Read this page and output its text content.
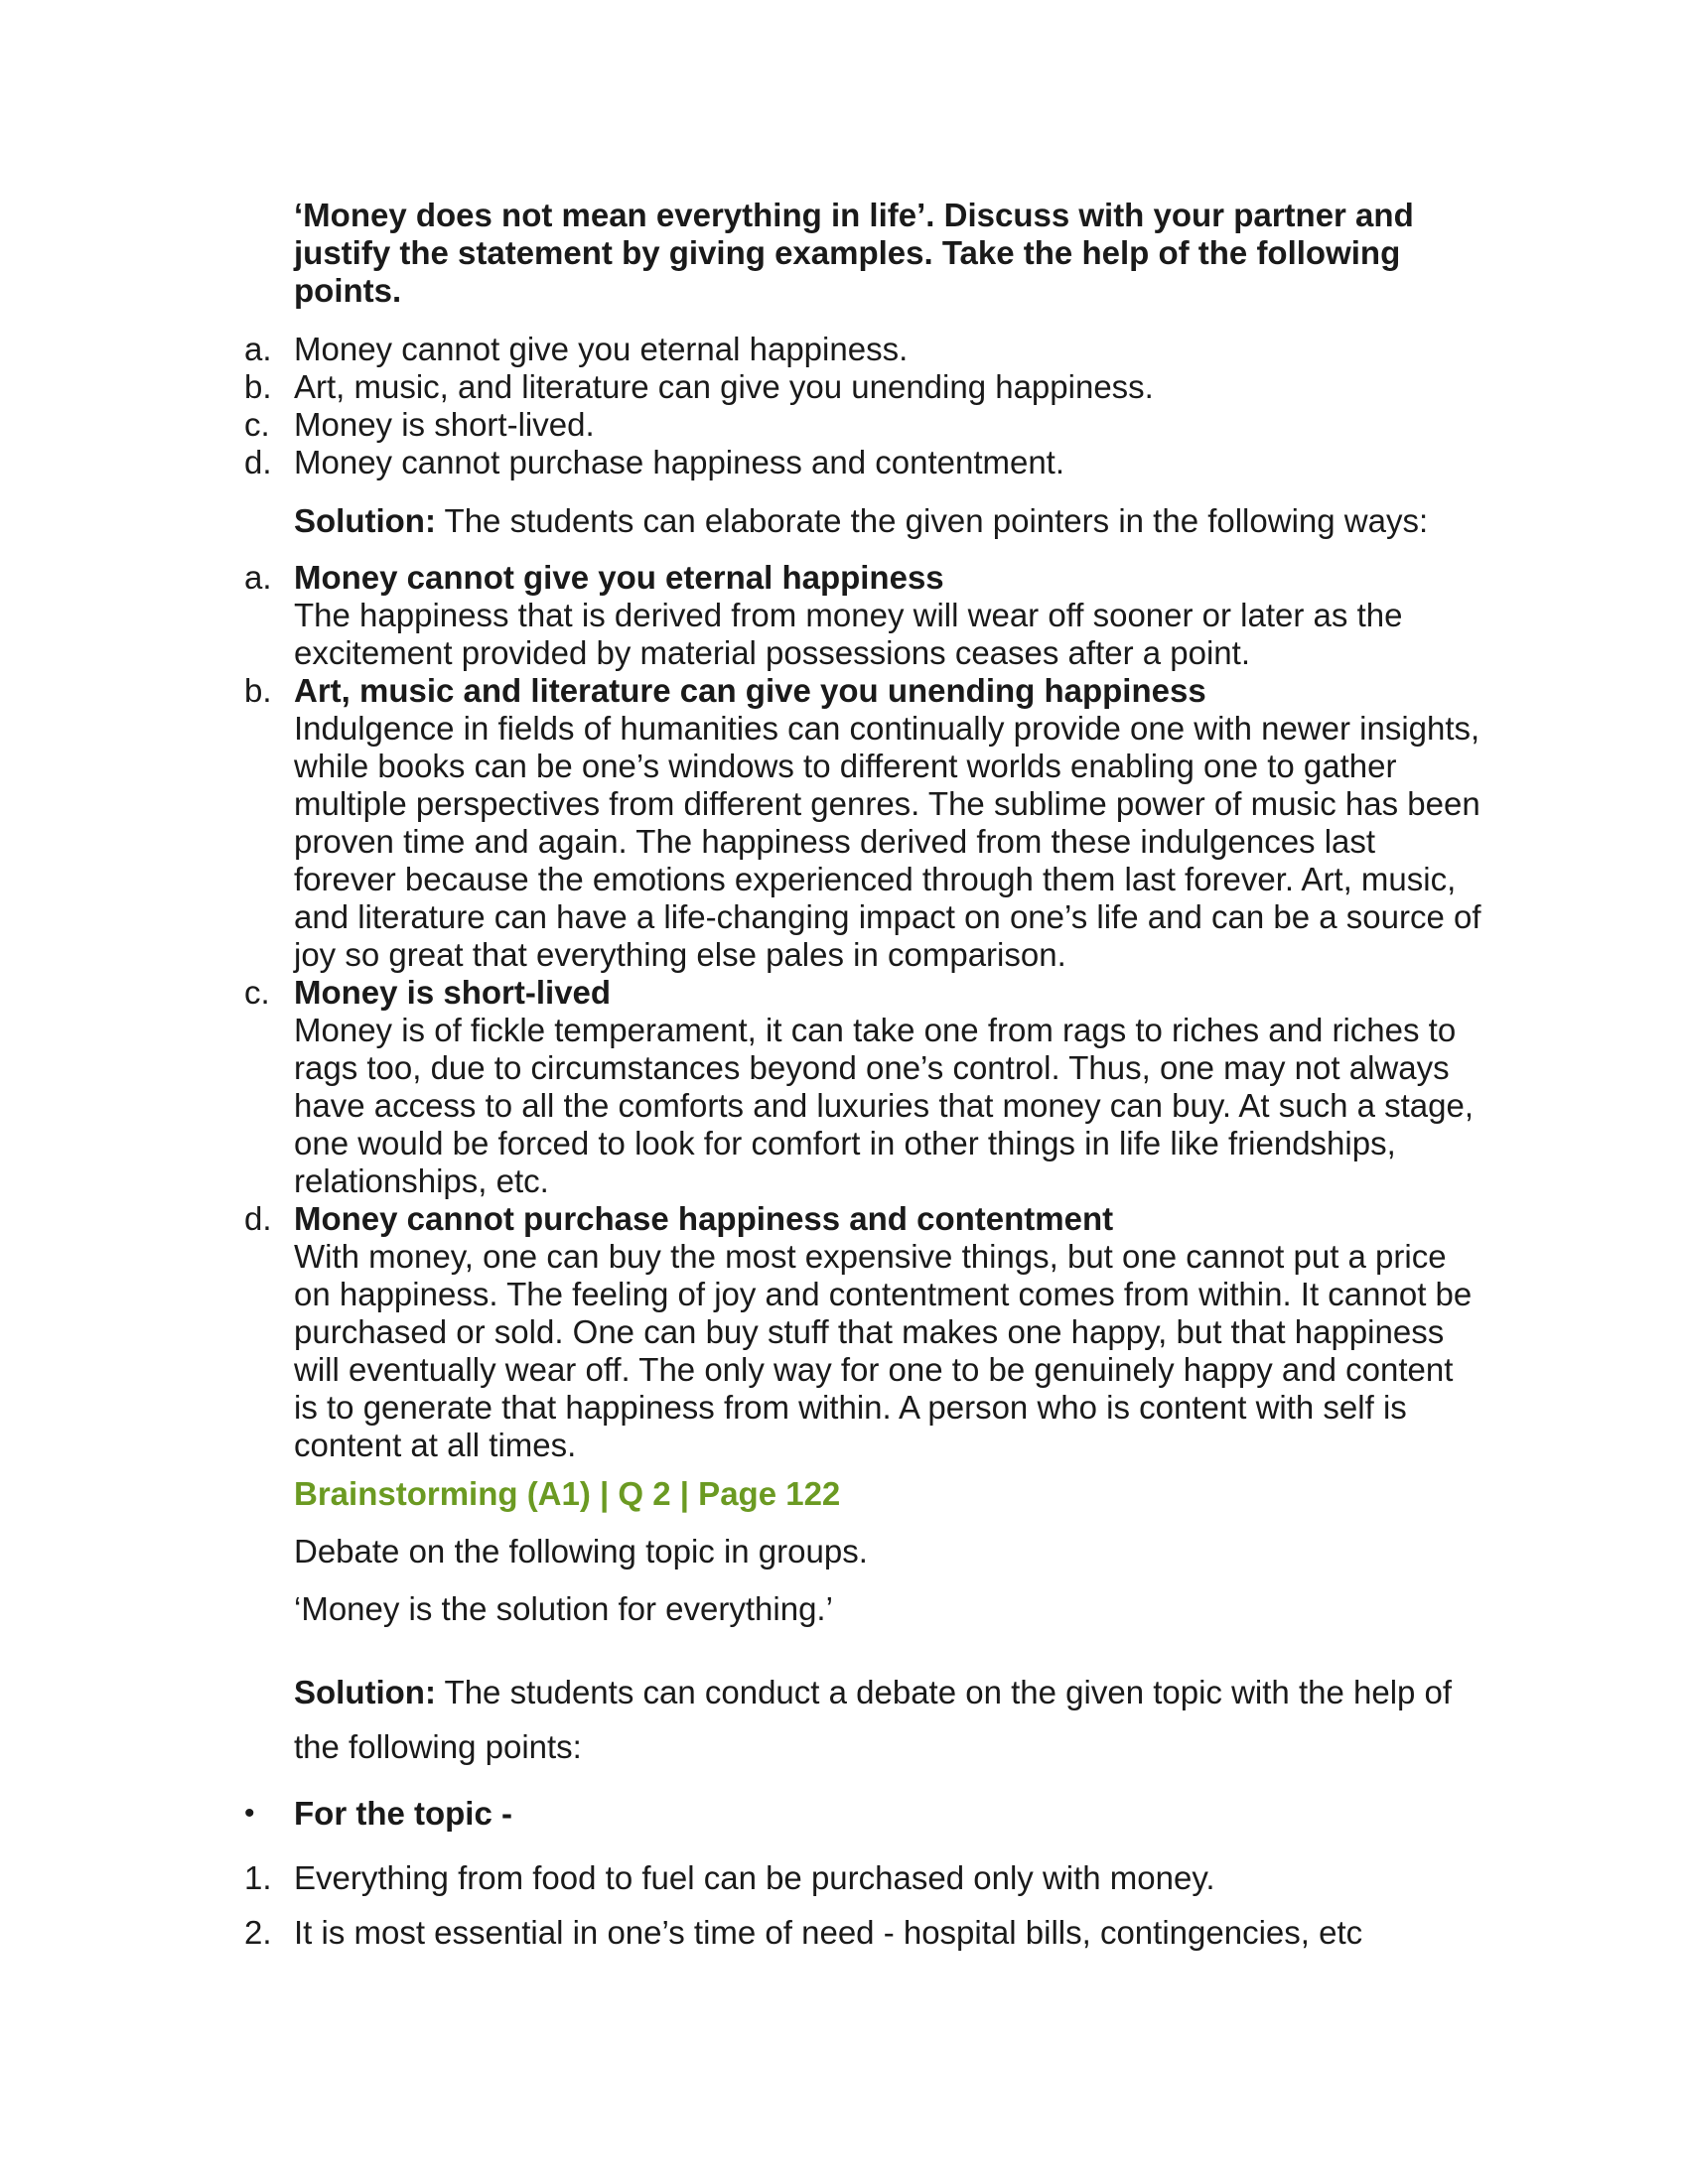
‘Money does not mean everything in life’. Discuss with your partner and justify the statement by giving examples. Take the help of the following points.
a. Money cannot give you eternal happiness.
b. Art, music, and literature can give you unending happiness.
c. Money is short-lived.
d. Money cannot purchase happiness and contentment.
Solution: The students can elaborate the given pointers in the following ways:
a. Money cannot give you eternal happiness
The happiness that is derived from money will wear off sooner or later as the excitement provided by material possessions ceases after a point.
b. Art, music and literature can give you unending happiness
Indulgence in fields of humanities can continually provide one with newer insights, while books can be one’s windows to different worlds enabling one to gather multiple perspectives from different genres. The sublime power of music has been proven time and again. The happiness derived from these indulgences last forever because the emotions experienced through them last forever. Art, music, and literature can have a life-changing impact on one’s life and can be a source of joy so great that everything else pales in comparison.
c. Money is short-lived
Money is of fickle temperament, it can take one from rags to riches and riches to rags too, due to circumstances beyond one’s control. Thus, one may not always have access to all the comforts and luxuries that money can buy. At such a stage, one would be forced to look for comfort in other things in life like friendships, relationships, etc.
d. Money cannot purchase happiness and contentment
With money, one can buy the most expensive things, but one cannot put a price on happiness. The feeling of joy and contentment comes from within. It cannot be purchased or sold. One can buy stuff that makes one happy, but that happiness will eventually wear off. The only way for one to be genuinely happy and content is to generate that happiness from within. A person who is content with self is content at all times.
Brainstorming (A1) | Q 2 | Page 122
Debate on the following topic in groups.
‘Money is the solution for everything.’
Solution: The students can conduct a debate on the given topic with the help of the following points:
• For the topic -
1. Everything from food to fuel can be purchased only with money.
2. It is most essential in one’s time of need - hospital bills, contingencies, etc
